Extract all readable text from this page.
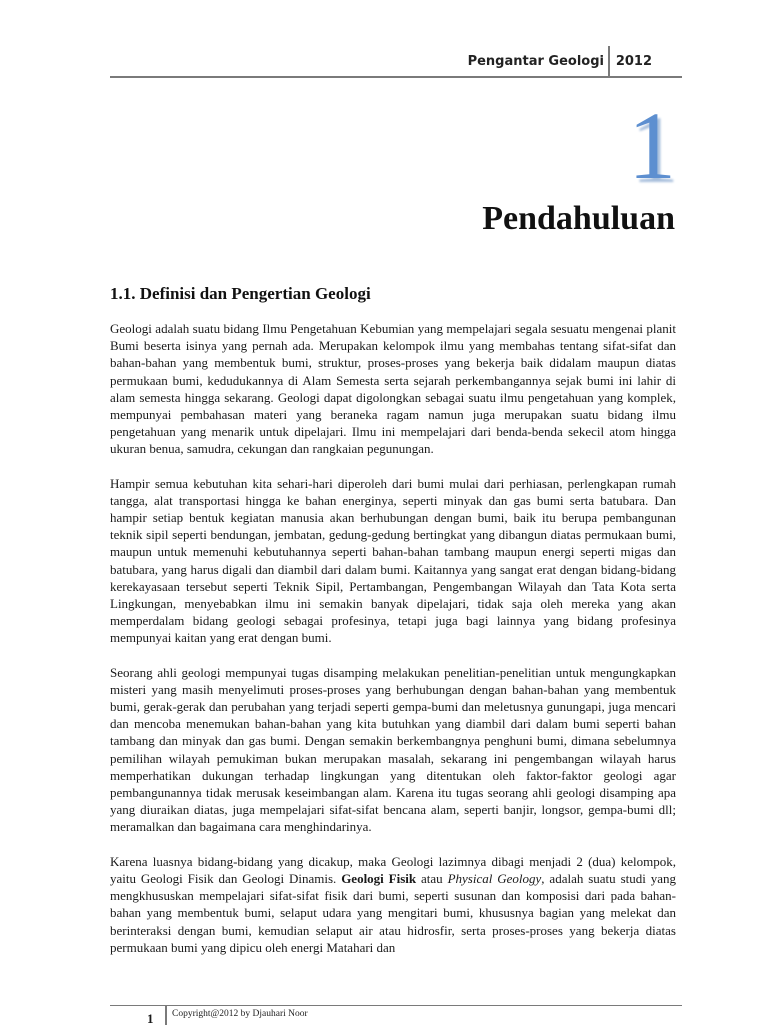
Pengantar Geologi 2012
1
Pendahuluan
1.1. Definisi dan Pengertian Geologi

Geologi adalah suatu bidang Ilmu Pengetahuan Kebumian yang mempelajari segala sesuatu mengenai planit Bumi beserta isinya yang pernah ada. Merupakan kelompok ilmu yang membahas tentang sifat-sifat dan bahan-bahan yang membentuk bumi, struktur, proses-proses yang bekerja baik didalam maupun diatas permukaan bumi, kedudukannya di Alam Semesta serta sejarah perkembangannya sejak bumi ini lahir di alam semesta hingga sekarang. Geologi dapat digolongkan sebagai suatu ilmu pengetahuan yang komplek, mempunyai pembahasan materi yang beraneka ragam namun juga merupakan suatu bidang ilmu pengetahuan yang menarik untuk dipelajari. Ilmu ini mempelajari dari benda-benda sekecil atom hingga ukuran benua, samudra, cekungan dan rangkaian pegunungan.

Hampir semua kebutuhan kita sehari-hari diperoleh dari bumi mulai dari perhiasan, perlengkapan rumah tangga, alat transportasi hingga ke bahan energinya, seperti minyak dan gas bumi serta batubara. Dan hampir setiap bentuk kegiatan manusia akan berhubungan dengan bumi, baik itu berupa pembangunan teknik sipil seperti bendungan, jembatan, gedung-gedung bertingkat yang dibangun diatas permukaan bumi, maupun untuk memenuhi kebutuhannya seperti bahan-bahan tambang maupun energi seperti migas dan batubara, yang harus digali dan diambil dari dalam bumi. Kaitannya yang sangat erat dengan bidang-bidang kerekayasaan tersebut seperti Teknik Sipil, Pertambangan, Pengembangan Wilayah dan Tata Kota serta Lingkungan, menyebabkan ilmu ini semakin banyak dipelajari, tidak saja oleh mereka yang akan memperdalam bidang geologi sebagai profesinya, tetapi juga bagi lainnya yang bidang profesinya mempunyai kaitan yang erat dengan bumi.

Seorang ahli geologi mempunyai tugas disamping melakukan penelitian-penelitian untuk mengungkapkan misteri yang masih menyelimuti proses-proses yang berhubungan dengan bahan-bahan yang membentuk bumi, gerak-gerak dan perubahan yang terjadi seperti gempa-bumi dan meletusnya gunungapi, juga mencari dan mencoba menemukan bahan-bahan yang kita butuhkan yang diambil dari dalam bumi seperti bahan tambang dan minyak dan gas bumi. Dengan semakin berkembangnya penghuni bumi, dimana sebelumnya pemilihan wilayah pemukiman bukan merupakan masalah, sekarang ini pengembangan wilayah harus memperhatikan dukungan terhadap lingkungan yang ditentukan oleh faktor-faktor geologi agar pembangunannya tidak merusak keseimbangan alam. Karena itu tugas seorang ahli geologi disamping apa yang diuraikan diatas, juga mempelajari sifat-sifat bencana alam, seperti banjir, longsor, gempa-bumi dll; meramalkan dan bagaimana cara menghindarinya.

Karena luasnya bidang-bidang yang dicakup, maka Geologi lazimnya dibagi menjadi 2 (dua) kelompok, yaitu Geologi Fisik dan Geologi Dinamis. Geologi Fisik atau Physical Geology, adalah suatu studi yang mengkhususkan mempelajari sifat-sifat fisik dari bumi, seperti susunan dan komposisi dari pada bahan-bahan yang membentuk bumi, selaput udara yang mengitari bumi, khususnya bagian yang melekat dan berinteraksi dengan bumi, kemudian selaput air atau hidrosfir, serta proses-proses yang bekerja diatas permukaan bumi yang dipicu oleh energi Matahari dan

1 Copyright@2012 by Djauhari Noor
